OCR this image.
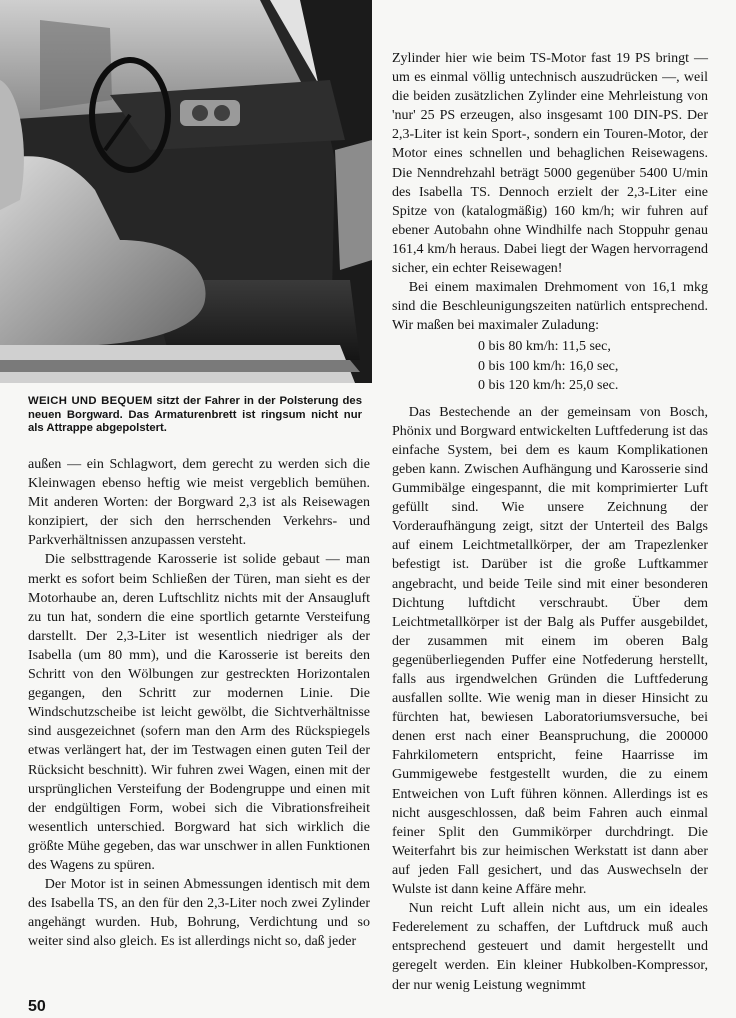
WEICH UND BEQUEM sitzt der Fahrer in der Polsterung des neuen Borgward. Das Armaturenbrett ist ringsum nicht nur als Attrappe abgepolstert.

außen — ein Schlagwort, dem gerecht zu werden sich die Kleinwagen ebenso heftig wie meist vergeblich bemühen. Mit anderen Worten: der Borgward 2,3 ist als Reisewagen konzipiert, der sich den herrschenden Verkehrs- und Parkverhältnissen anzupassen versteht.

Die selbsttragende Karosserie ist solide gebaut — man merkt es sofort beim Schließen der Türen, man sieht es der Motorhaube an, deren Luftschlitz nichts mit der Ansaugluft zu tun hat, sondern die eine sportlich getarnte Versteifung darstellt. Der 2,3-Liter ist wesentlich niedriger als der Isabella (um 80 mm), und die Karosserie ist bereits den Schritt von den Wölbungen zur gestreckten Horizontalen gegangen, den Schritt zur modernen Linie. Die Windschutzscheibe ist leicht gewölbt, die Sichtverhältnisse sind ausgezeichnet (sofern man den Arm des Rückspiegels etwas verlängert hat, der im Testwagen einen guten Teil der Rücksicht beschnitt). Wir fuhren zwei Wagen, einen mit der ursprünglichen Versteifung der Bodengruppe und einen mit der endgültigen Form, wobei sich die Vibrationsfreiheit wesentlich unterschied. Borgward hat sich wirklich die größte Mühe gegeben, das war unschwer in allen Funktionen des Wagens zu spüren.

Der Motor ist in seinen Abmessungen identisch mit dem des Isabella TS, an den für den 2,3-Liter noch zwei Zylinder angehängt wurden. Hub, Bohrung, Verdichtung und so weiter sind also gleich. Es ist allerdings nicht so, daß jeder

Zylinder hier wie beim TS-Motor fast 19 PS bringt — um es einmal völlig untechnisch auszudrücken —, weil die beiden zusätzlichen Zylinder eine Mehrleistung von 'nur' 25 PS erzeugen, also insgesamt 100 DIN-PS. Der 2,3-Liter ist kein Sport-, sondern ein Touren-Motor, der Motor eines schnellen und behaglichen Reisewagens. Die Nenndrehzahl beträgt 5000 gegenüber 5400 U/min des Isabella TS. Dennoch erzielt der 2,3-Liter eine Spitze von (katalogmäßig) 160 km/h; wir fuhren auf ebener Autobahn ohne Windhilfe nach Stoppuhr genau 161,4 km/h heraus. Dabei liegt der Wagen hervorragend sicher, ein echter Reisewagen!

Bei einem maximalen Drehmoment von 16,1 mkg sind die Beschleunigungszeiten natürlich entsprechend. Wir maßen bei maximaler Zuladung:

0 bis 80 km/h: 11,5 sec,
0 bis 100 km/h: 16,0 sec,
0 bis 120 km/h: 25,0 sec.

Das Bestechende an der gemeinsam von Bosch, Phönix und Borgward entwickelten Luftfederung ist das einfache System, bei dem es kaum Komplikationen geben kann. Zwischen Aufhängung und Karosserie sind Gummibälge eingespannt, die mit komprimierter Luft gefüllt sind. Wie unsere Zeichnung der Vorderaufhängung zeigt, sitzt der Unterteil des Balgs auf einem Leichtmetallkörper, der am Trapezlenker befestigt ist. Darüber ist die große Luftkammer angebracht, und beide Teile sind mit einer besonderen Dichtung luftdicht verschraubt. Über dem Leichtmetallkörper ist der Balg als Puffer ausgebildet, der zusammen mit einem im oberen Balg gegenüberliegenden Puffer eine Notfederung herstellt, falls aus irgendwelchen Gründen die Luftfederung ausfallen sollte. Wie wenig man in dieser Hinsicht zu fürchten hat, bewiesen Laboratoriumsversuche, bei denen erst nach einer Beanspruchung, die 200000 Fahrkilometern entspricht, feine Haarrisse im Gummigewebe festgestellt wurden, die zu einem Entweichen von Luft führen können. Allerdings ist es nicht ausgeschlossen, daß beim Fahren auch einmal feiner Split den Gummikörper durchdringt. Die Weiterfahrt bis zur heimischen Werkstatt ist dann aber auf jeden Fall gesichert, und das Auswechseln der Wulste ist dann keine Affäre mehr.

Nun reicht Luft allein nicht aus, um ein ideales Federelement zu schaffen, der Luftdruck muß auch entsprechend gesteuert und damit hergestellt und geregelt werden. Ein kleiner Hubkolben-Kompressor, der nur wenig Leistung wegnimmt

50
